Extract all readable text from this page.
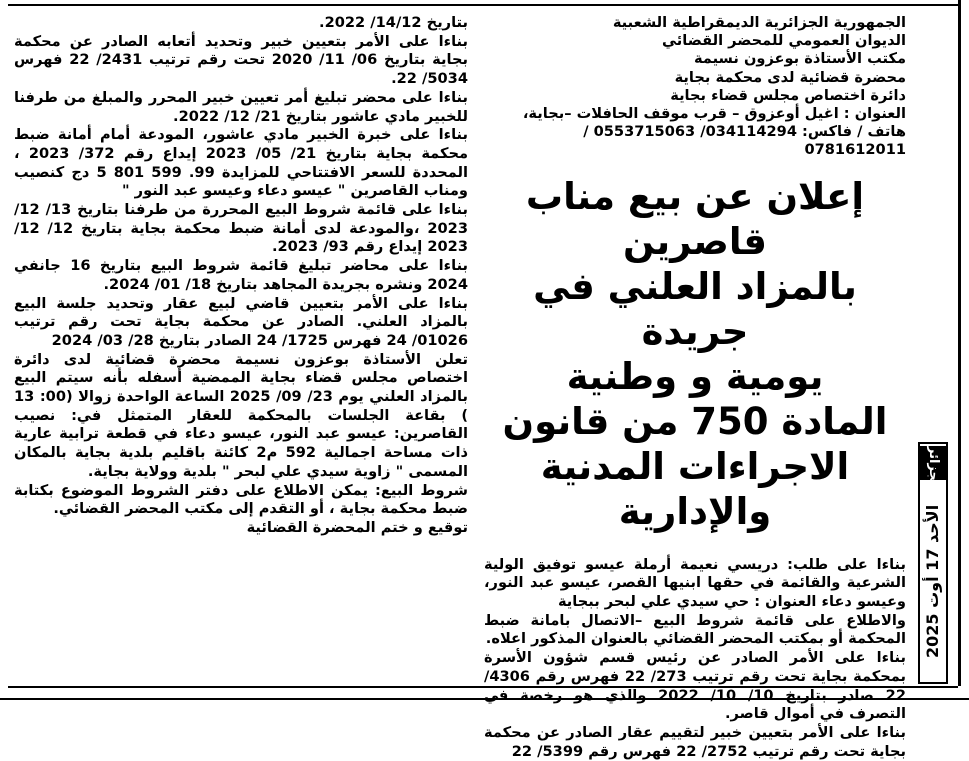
بتاريخ 14/12/ 2022.

بناءا على الأمر بتعيين خبير وتحديد أتعابه الصادر عن محكمة بجاية بتاريخ 06/ 11/ 2020 تحت رقم ترتيب 2431/ 22 فهرس 5034/ 22.

بناءا على محضر تبليغ أمر تعيين خبير المحرر والمبلغ من طرفنا للخبير مادي عاشور بتاريخ 21/ 12/ 2022.

بناءا على خبرة الخبير مادي عاشور، المودعة أمام أمانة ضبط محكمة بجاية بتاريخ 21/ 05/ 2023 إيداع رقم 372/ 2023 ، المحددة للسعر الافتتاحي للمزايدة 99. 599 801 5 دج كنصيب ومناب القاصرين " عيسو دعاء وعيسو عبد النور "

بناءا على قائمة شروط البيع المحررة من طرفنا بتاريخ 13/ 12/ 2023 ،والمودعة لدى أمانة ضبط محكمة بجاية بتاريخ 12/ 12/ 2023 إيداع رقم 93/ 2023.

بناءا على محاضر تبليغ قائمة شروط البيع بتاريخ 16 جانفي 2024 ونشره بجريدة المجاهد بتاريخ 18/ 01/ 2024.

بناءا على الأمر بتعيين قاضي لبيع عقار وتحديد جلسة البيع بالمزاد العلني. الصادر عن محكمة بجاية تحت رقم ترتيب 01026/ 24 فهرس 1725/ 24 الصادر بتاريخ 28/ 03/ 2024

تعلن الأستاذة بوعزون نسيمة محضرة قضائية لدى دائرة اختصاص مجلس قضاء بجاية الممضية أسفله بأنه سيتم البيع بالمزاد العلني يوم 23/ 09/ 2025 الساعة الواحدة زوالا (00: 13 ) بقاعة الجلسات بالمحكمة للعقار المتمثل في: نصيب القاصرين: عيسو عبد النور، عيسو دعاء في قطعة ترابية عارية ذات مساحة اجمالية 592 م2 كائنة باقليم بلدية بجاية بالمكان المسمى " زاوية سيدي علي لبحر " بلدية وولاية بجاية.

شروط البيع: يمكن الاطلاع على دفتر الشروط الموضوع بكتابة ضبط محكمة بجاية ، أو التقدم إلى مكتب المحضر القضائي.

توقيع و ختم المحضرة القضائية

الجمهورية الجزائرية الديمقراطية الشعبية

الديوان العمومي للمحضر القضائي

مكتب الأستاذة بوعزون نسيمة

محضرة قضائية لدى محكمة بجاية

دائرة اختصاص مجلس قضاء بجاية

العنوان : اغيل أوعزوق – قرب موقف الحافلات –بجاية،

هاتف / فاكس: 034114294/ 0553715063 /

0781612011

إعلان عن بيع مناب قاصرين
بالمزاد العلني في جريدة
يومية و وطنية
المادة 750 من قانون
الاجراءات المدنية والإدارية

بناءا على طلب: دريسي نعيمة أرملة عيسو توفيق الولية الشرعية والقائمة في حقها ابنيها القصر، عيسو عبد النور، وعيسو دعاء العنوان : حي سيدي علي لبحر ببجاية

والاطلاع على قائمة شروط البيع –الاتصال بامانة ضبط المحكمة أو بمكتب المحضر القضائي بالعنوان المذكور اعلاه.

بناءا على الأمر الصادر عن رئيس قسم شؤون الأسرة بمحكمة بجاية تحت رقم ترتيب 273/ 22 فهرس رقم 4306/ 22 صادر بتاريخ 10/ 10/ 2022 والذي هو رخصة في التصرف في أموال قاصر.

بناءا على الأمر بتعيين خبير لتقييم عقار الصادر عن محكمة بجاية تحت رقم ترتيب 2752/ 22 فهرس رقم 5399/ 22

الجزائر
الأحد 17 أوت 2025
